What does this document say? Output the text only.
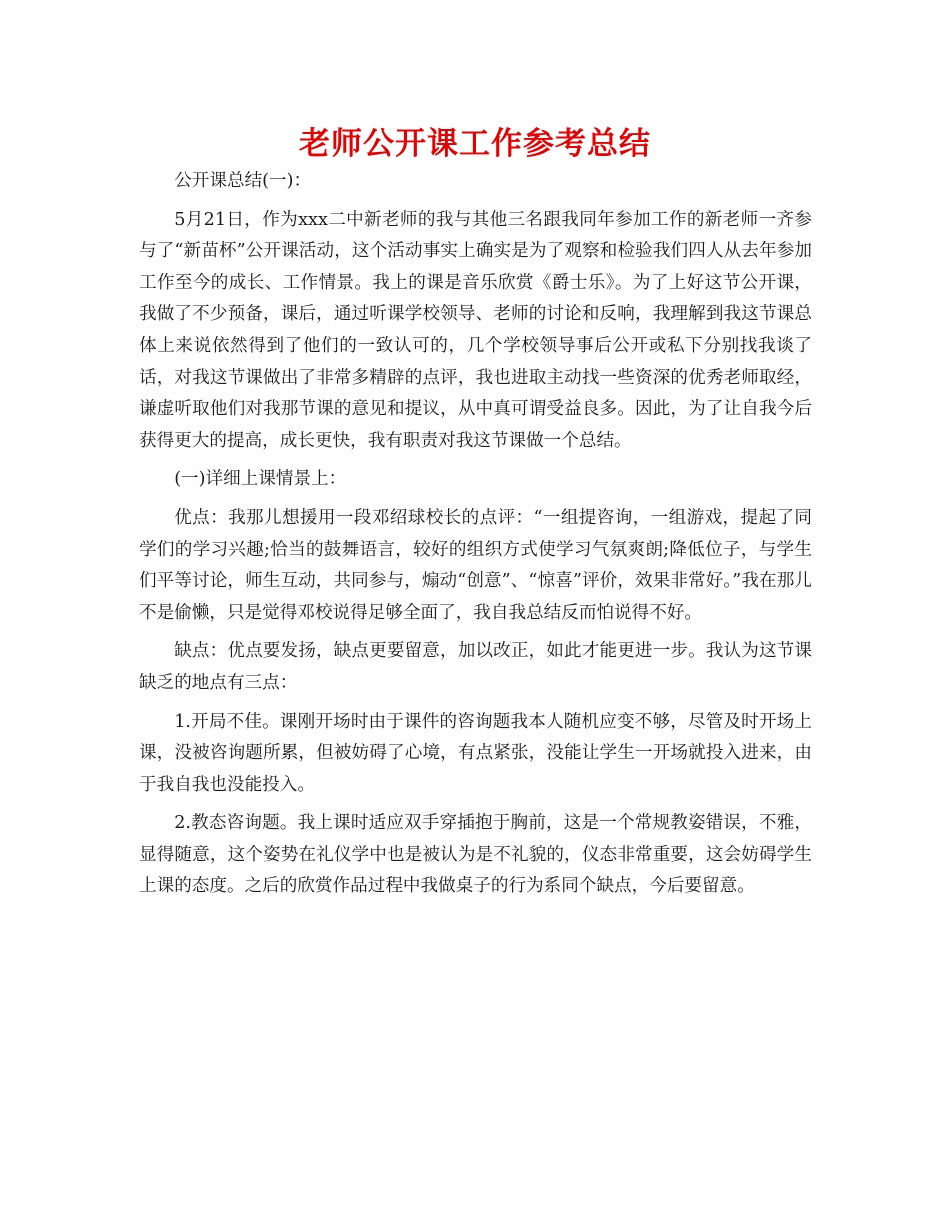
老师公开课工作参考总结

公开课总结(一)：

5月21日，作为xxx二中新老师的我与其他三名跟我同年参加工作的新老师一齐参与了“新苗杯”公开课活动，这个活动事实上确实是为了观察和检验我们四人从去年参加工作至今的成长、工作情景。我上的课是音乐欣赏《爵士乐》。为了上好这节公开课，我做了不少预备，课后，通过听课学校领导、老师的讨论和反响，我理解到我这节课总体上来说依然得到了他们的一致认可的，几个学校领导事后公开或私下分别找我谈了话，对我这节课做出了非常多精辟的点评，我也进取主动找一些资深的优秀老师取经，谦虚听取他们对我那节课的意见和提议，从中真可谓受益良多。因此，为了让自我今后获得更大的提高，成长更快，我有职责对我这节课做一个总结。

(一)详细上课情景上：

优点：我那儿想援用一段邓绍球校长的点评：“一组提咨询，一组游戏，提起了同学们的学习兴趣;恰当的鼓舞语言，较好的组织方式使学习气氛爽朗;降低位子，与学生们平等讨论，师生互动，共同参与，煽动“创意”、“惊喜”评价，效果非常好。”我在那儿不是偷懒，只是觉得邓校说得足够全面了，我自我总结反而怕说得不好。

缺点：优点要发扬，缺点更要留意，加以改正，如此才能更进一步。我认为这节课缺乏的地点有三点：

1.开局不佳。课刚开场时由于课件的咨询题我本人随机应变不够，尽管及时开场上课，没被咨询题所累，但被妨碍了心境，有点紧张，没能让学生一开场就投入进来，由于我自我也没能投入。

2.教态咨询题。我上课时适应双手穿插抱于胸前，这是一个常规教姿错误，不雅，显得随意，这个姿势在礼仪学中也是被认为是不礼貌的，仪态非常重要，这会妨碍学生上课的态度。之后的欣赏作品过程中我做桌子的行为系同个缺点，今后要留意。
